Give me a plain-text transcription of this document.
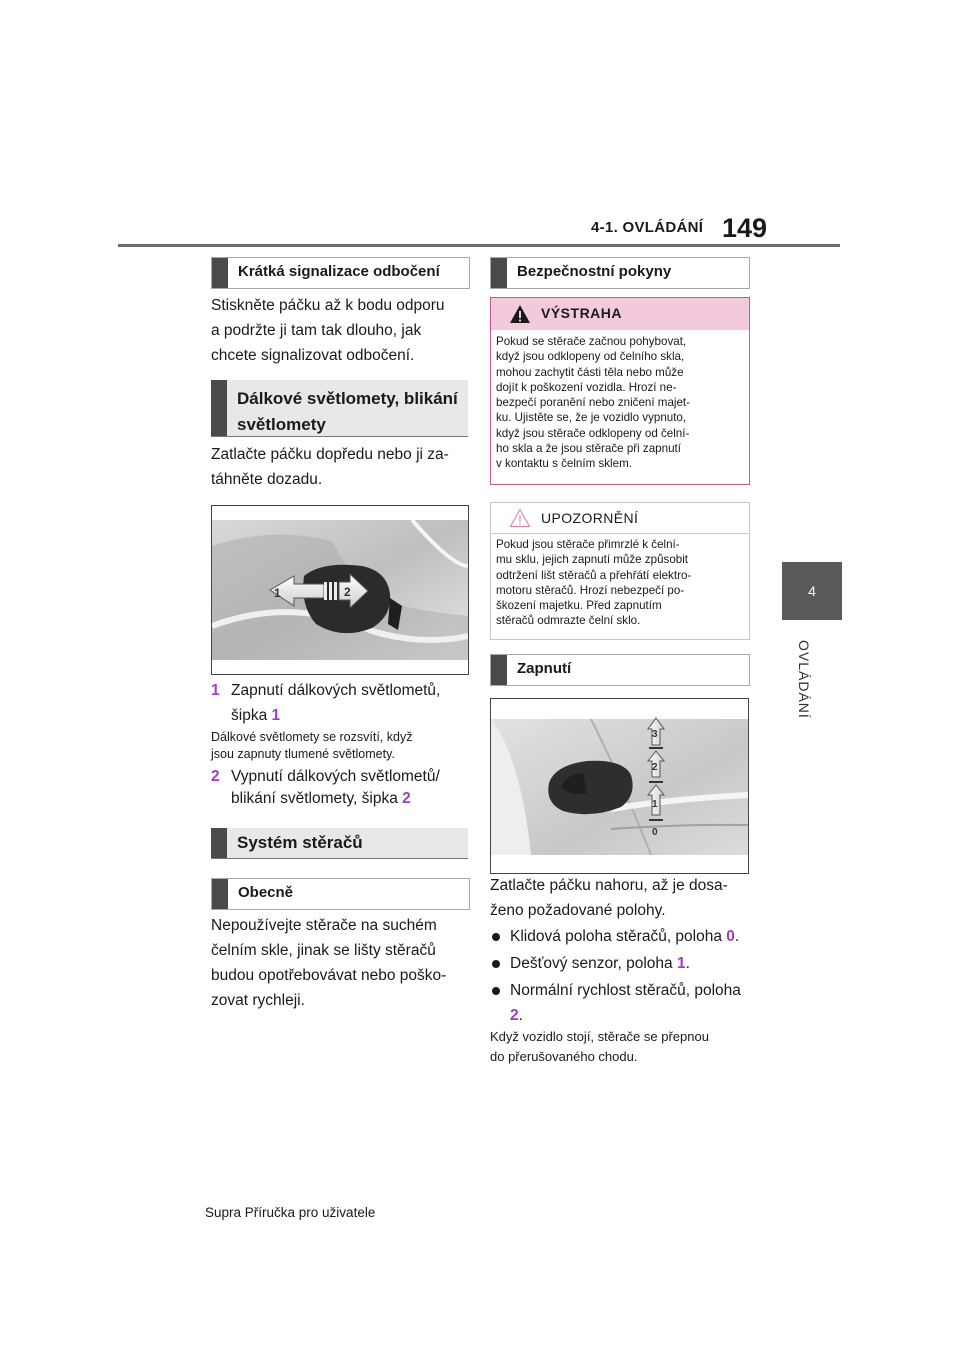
4-1. OVLÁDÁNÍ 149
4
OVLÁDÁNÍ
Krátká signalizace odbočení
Stiskněte páčku až k bodu odporu
a podržte ji tam tak dlouho, jak
chcete signalizovat odbočení.
Dálkové světlomety, blikání
světlomety
Zatlačte páčku dopředu nebo ji za-
táhněte dozadu.
1	2
1 Zapnutí dálkových světlometů,
šipka 1
Dálkové světlomety se rozsvítí, když
jsou zapnuty tlumené světlomety.
2 Vypnutí dálkových světlometů/
blikání světlomety, šipka 2
Systém stěračů
Obecně
Nepoužívejte stěrače na suchém
čelním skle, jinak se lišty stěračů
budou opotřebovávat nebo poško-
zovat rychleji.
Bezpečnostní pokyny
VÝSTRAHA
Pokud se stěrače začnou pohybovat,
když jsou odklopeny od čelního skla,
mohou zachytit části těla nebo může
dojít k poškození vozidla. Hrozí ne-
bezpečí poranění nebo zničení majet-
ku. Ujistěte se, že je vozidlo vypnuto,
když jsou stěrače odklopeny od čelní-
ho skla a že jsou stěrače při zapnutí
v kontaktu s čelním sklem.
UPOZORNĚNÍ
Pokud jsou stěrače přimrzlé k čelní-
mu sklu, jejich zapnutí může způsobit
odtržení lišt stěračů a přehřátí elektro-
motoru stěračů. Hrozí nebezpečí po-
škození majetku. Před zapnutím
stěračů odmrazte čelní sklo.
Zapnutí
3
2
1
0
Zatlačte páčku nahoru, až je dosa-
ženo požadované polohy.
Klidová poloha stěračů, poloha 0.
Dešťový senzor, poloha 1.
Normální rychlost stěračů, poloha
2.
Když vozidlo stojí, stěrače se přepnou
do přerušovaného chodu.
Supra Příručka pro uživatele
